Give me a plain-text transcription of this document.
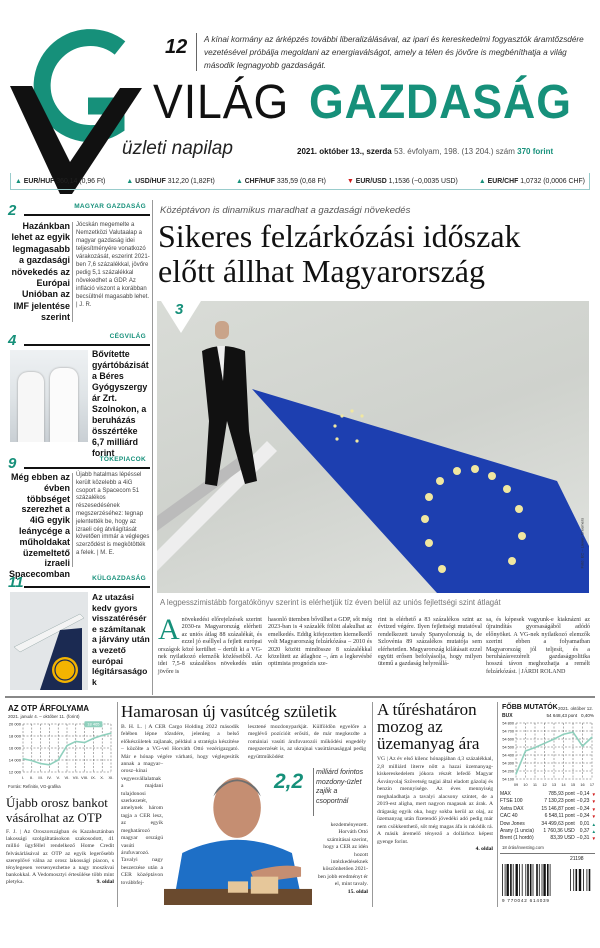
12 A kínai kormány az árképzés további liberalizálásával, az ipari és kereskedelmi fogyasztók áramtőzsdére vezetésével próbálja megoldani az energiaválságot, amely a télen és jövőre is megbéníthatja a világ második legnagyobb gazdaságát.
VILÁG GAZDASÁG
üzleti napilap	2021. október 13., szerda 53. évfolyam, 198. (13 204.) szám 370 forint
▲ EUR/HUF 360,14 (0,96 Ft)	▲ USD/HUF 312,20 (1,82Ft)	▲ CHF/HUF 335,59 (0,68 Ft)	▼ EUR/USD 1,1536 (−0,0035 USD)	▲ EUR/CHF 1,0732 (0,0006 CHF)
2	MAGYAR GAZDASÁG
Hazánkban lehet az egyik legmagasabb a gazdasági növekedés az Európai Unióban az IMF jelentése szerint
Jócskán megemelte a Nemzetközi Valutaalap a magyar gazdaság idei teljesítményére vonatkozó várakozását, eszerint 2021-ben 7,6 százalékkal, jövőre pedig 5,1 százalékkal növekedhet a GDP. Az infláció viszont a korábban becsültnél magasabb lehet. | J. R.
4	CÉGVILÁG
Bővítette gyártóbázisát a Béres Gyógyszergyár Zrt. Szolnokon, a beruházás összértéke 6,7 milliárd forint
9	TŐKEPIACOK
Még ebben az évben többséget szerezhet a 4iG egyik leánycége a műholdakat üzemeltető izraeli Spacecomban
Újabb hatalmas lépéssel került közelebb a 4iG csoport a Spacecom 51 százalékos részesedésének megszerzéséhez: tegnap jelentették be, hogy az izraeli cég átvilágítását követően immár a végleges szerződést is megkötötték a felek. | M. E.
11	KÜLGAZDASÁG
Az utazási kedv gyors visszatérésére számítanak a járvány után a vezető európai légitársaságok
Középtávon is dinamikus maradhat a gazdasági növekedés
Sikeres felzárkózási időszak
előtt állhat Magyarország
3
Fotó: EC – Lieven Creemers
A legpesszimistább forgatókönyv szerint is elérhetjük tíz éven belül az uniós fejlettségi szint átlagát
Anövekedési előrejelzések szerint 2030-ra Magyarország elérheti az uniós átlag 88 százalékát, és ezzel jó eséllyel a fejlett európai országok közé kerülhet – derült ki a VG-nek nyilatkozó elemzők közléseiből. Az idei 7,5-8 százalékos növekedés után jövőre is
hasonló ütemben bővülhet a GDP, sőt még 2023-ban is 4 százalék fölött alakulhat az emelkedés. Eddig kifejezetten kiemelkedő volt Magyarország felzárkózása – 2010 és 2020 között mindössze 8 százalékkal közelített az átlaghoz –, ám a legkevésbé optimista prognózis sze-
rint is elérhető a 83 százalékos szint az évtized végére. Ilyen fejlettségi mutatóval rendelkezett tavaly Spanyolország is, de Szlovénia 89 százalékos mutatója sem elérhetetlen. Magyarország kilátásait ezzel együtt erősen befolyásolja, hogy milyen ütemű a gazdaság helyreállá-
sa, és képesek vagyunk-e kiaknázni az újraindítás gyorsaságából adódó előnyöket. A VG-nek nyilatkozó elemzők szerint ebben a folyamatban Magyarország jól teljesít, és a beruházásvezérelt gazdaságpolitika hosszú távon meghozhatja a remélt felzárkózást. | JÁRDI ROLAND
AZ OTP ÁRFOLYAMA
2021. január 4. – október 11. (forint)
20 000
18 000
16 000
14 000
12 000
I. II. III. IV. V. VI. VII. VIII. IX. X. XI.
18 465
Forrás: Refinitiv, VG-grafika
Újabb orosz bankot vásárolhat az OTP
F. J. | Az Oroszországban és Kazahsztánban lakossági szolgáltatásokon szakosodott, 41 millió ügyféllel rendelkező Home Credit felvásárlásával az OTP az egyik legerősebb szereplővé válna az orosz lakossági piacon, s ténylegesen versenyezhetne a nagy moszkvai bankokkal. A Vedomosztyi értesülése több mint pletyka.	9. oldal
Hamarosan új vasútcég születik
B. H. L. | A CER Cargo Holding 2022 második felében lépne tőzsdére, jelenleg a belső előkészületek zajlanak, például a stratégia készítése – közölte a VG-vel Horváth Ottó vezérigazgató. Már e hónap végére várható, hogy véglegesítik annak a magyar–orosz–kínai vegyesvállalatnak a majdani tulajdonosi szerkezetét, amelynek három tagja a CER lesz, az egyik meghatározó magyar országú vasúti árufuvarozó. Tavalyi nagy beszerzése után a CER középtávon továbbfej-
lesztené mozdonyparkját. Külföldön egyelőre a meglévő pozícióit erősíti, de már megkezdte a romániai vasúti árufuvarozói működési engedély megszerzését is, az ukrajnai vasúttársasággal pedig együttműködést
2,2 milliárd forintos mozdony-üzlet zajlik a csoportnál
kezdeményezett. Horváth Ottó számításai szerint, hogy a CER az idén hozott intézkedéseknek köszönhetően 2021-ben jobb eredményt ér el, mint tavaly.
15. oldal
A tűréshatáron mozog az üzemanyag ára
VG | Az év első kilenc hónapjában 4,3 százalékkal, 2,8 milliárd literre nőtt a hazai üzemanyag-kiskereskedelem jókora részét lefedő Magyar Ásványolaj Szövetség tagjai által eladott gázolaj és benzin mennyisége. Az éves mennyiség meghaladhatja a tavalyi alacsony szintet, de a 2019-est aligha, mert nagyon magasak az árak. A drágaság egyik oka, hogy sokba kerül az olaj, az üzemanyag után fizetendő jövedéki adó pedig már nem csökkenthető, sőt még magas áfa is rakódik rá. A másik áremelő tényező a dollárhoz képest gyenge forint.

4. oldal
FŐBB MUTATÓK 2021. október 12.
BUX	54 648,43 pont 0,40%
54 800
54 700
54 600
54 500
54 400
54 300
54 200
54 100
09 10 11 12 13 14 15 16 17
MAX	785,93 pont −0,14 ▼
FTSE 100	7 130,23 pont −0,23 ▼
Xetra DAX	15 146,87 pont −0,34 ▼
CAC 40	6 548,11 pont −0,34 ▼
Dow Jones	34 499,63 pont 0,01 ▲
Arany (1 uncia)	1 760,36 USD 0,37 ▲
Brent (1 hordó)	83,39 USD −0,31 ▼
18 órás/investing.com
21198
9 770042 614039
